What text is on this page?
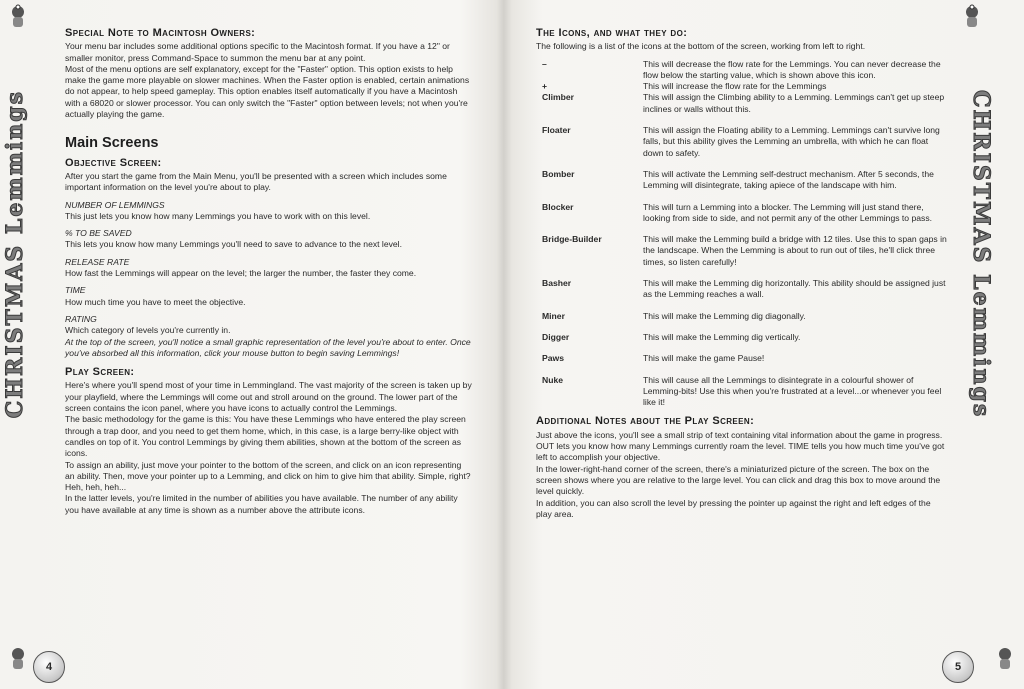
CHRISTMAS Lemmings
Special Note to Macintosh Owners:

Your menu bar includes some additional options specific to the Macintosh format. If you have a 12" or smaller monitor, press Command-Space to summon the menu bar at any point.

Most of the menu options are self explanatory, except for the "Faster" option. This option exists to help make the game more playable on slower machines. When the Faster option is enabled, certain animations do not appear, to help speed gameplay. This option enables itself automatically if you have a Macintosh with a 68020 or slower processor. You can only switch the "Faster" option between levels; not when you're actually playing the game.

Main Screens
Objective Screen:

After you start the game from the Main Menu, you'll be presented with a screen which includes some important information on the level you're about to play.

NUMBER OF LEMMINGS

This just lets you know how many Lemmings you have to work with on this level.

% TO BE SAVED

This lets you know how many Lemmings you'll need to save to advance to the next level.

RELEASE RATE

How fast the Lemmings will appear on the level; the larger the number, the faster they come.

TIME

How much time you have to meet the objective.

RATING

Which category of levels you're currently in.

At the top of the screen, you'll notice a small graphic representation of the level you're about to enter. Once you've absorbed all this information, click your mouse button to begin saving Lemmings!

Play Screen:

Here's where you'll spend most of your time in Lemmingland. The vast majority of the screen is taken up by your playfield, where the Lemmings will come out and stroll around on the ground. The lower part of the screen contains the icon panel, where you have icons to actually control the Lemmings.

The basic methodology for the game is this: You have these Lemmings who have entered the play screen through a trap door, and you need to get them home, which, in this case, is a large berry-like object with candles on top of it. You control Lemmings by giving them abilities, shown at the bottom of the screen as icons.

To assign an ability, just move your pointer to the bottom of the screen, and click on an icon representing an ability. Then, move your pointer up to a Lemming, and click on him to give him that ability. Simple, right? Heh, heh, heh...

In the latter levels, you're limited in the number of abilities you have available. The number of any ability you have available at any time is shown as a number above the attribute icons.

4
The Icons, and what they do:

The following is a list of the icons at the bottom of the screen, working from left to right.

–	This will decrease the flow rate for the Lemmings. You can never decrease the flow below the starting value, which is shown above this icon.
+	This will increase the flow rate for the Lemmings
Climber	This will assign the Climbing ability to a Lemming. Lemmings can't get up steep inclines or walls without this.
Floater	This will assign the Floating ability to a Lemming. Lemmings can't survive long falls, but this ability gives the Lemming an umbrella, with which he can float down to safety.
Bomber	This will activate the Lemming self-destruct mechanism. After 5 seconds, the Lemming will disintegrate, taking apiece of the landscape with him.
Blocker	This will turn a Lemming into a blocker. The Lemming will just stand there, looking from side to side, and not permit any of the other Lemmings to pass.
Bridge-Builder	This will make the Lemming build a bridge with 12 tiles. Use this to span gaps in the landscape. When the Lemming is about to run out of tiles, he'll click three times, so listen carefully!
Basher	This will make the Lemming dig horizontally. This ability should be assigned just as the Lemming reaches a wall.
Miner	This will make the Lemming dig diagonally.
Digger	This will make the Lemming dig vertically.
Paws	This will make the game Pause!
Nuke	This will cause all the Lemmings to disintegrate in a colourful shower of Lemming-bits! Use this when you're frustrated at a level...or whenever you feel like it!
Additional Notes about the Play Screen:

Just above the icons, you'll see a small strip of text containing vital information about the game in progress. OUT lets you know how many Lemmings currently roam the level. TIME tells you how much time you've got left to accomplish your objective.

In the lower-right-hand corner of the screen, there's a miniaturized picture of the screen. The box on the screen shows where you are relative to the large level. You can click and drag this box to move around the level quickly.

In addition, you can also scroll the level by pressing the pointer up against the right and left edges of the play area.

CHRISTMAS Lemmings
5
